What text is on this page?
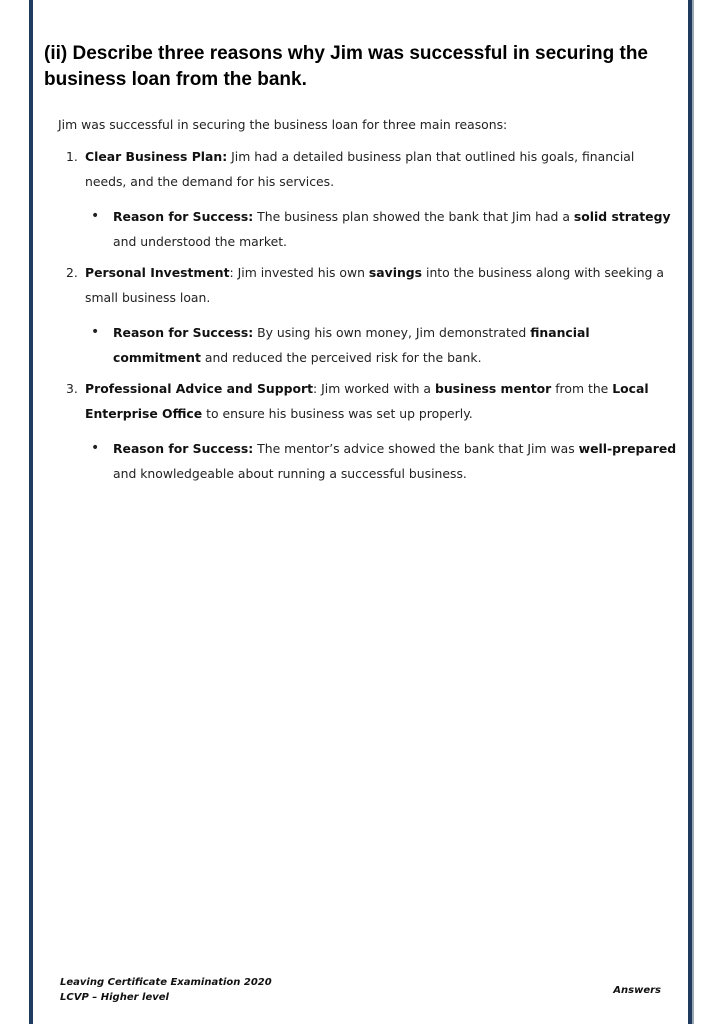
(ii) Describe three reasons why Jim was successful in securing the business loan from the bank.

Jim was successful in securing the business loan for three main reasons:

1. Clear Business Plan: Jim had a detailed business plan that outlined his goals, financial needs, and the demand for his services.
• Reason for Success: The business plan showed the bank that Jim had a solid strategy and understood the market.
2. Personal Investment: Jim invested his own savings into the business along with seeking a small business loan.
• Reason for Success: By using his own money, Jim demonstrated financial commitment and reduced the perceived risk for the bank.
3. Professional Advice and Support: Jim worked with a business mentor from the Local Enterprise Office to ensure his business was set up properly.
• Reason for Success: The mentor’s advice showed the bank that Jim was well-prepared and knowledgeable about running a successful business.
Leaving Certificate Examination 2020
LCVP – Higher level
Answers
